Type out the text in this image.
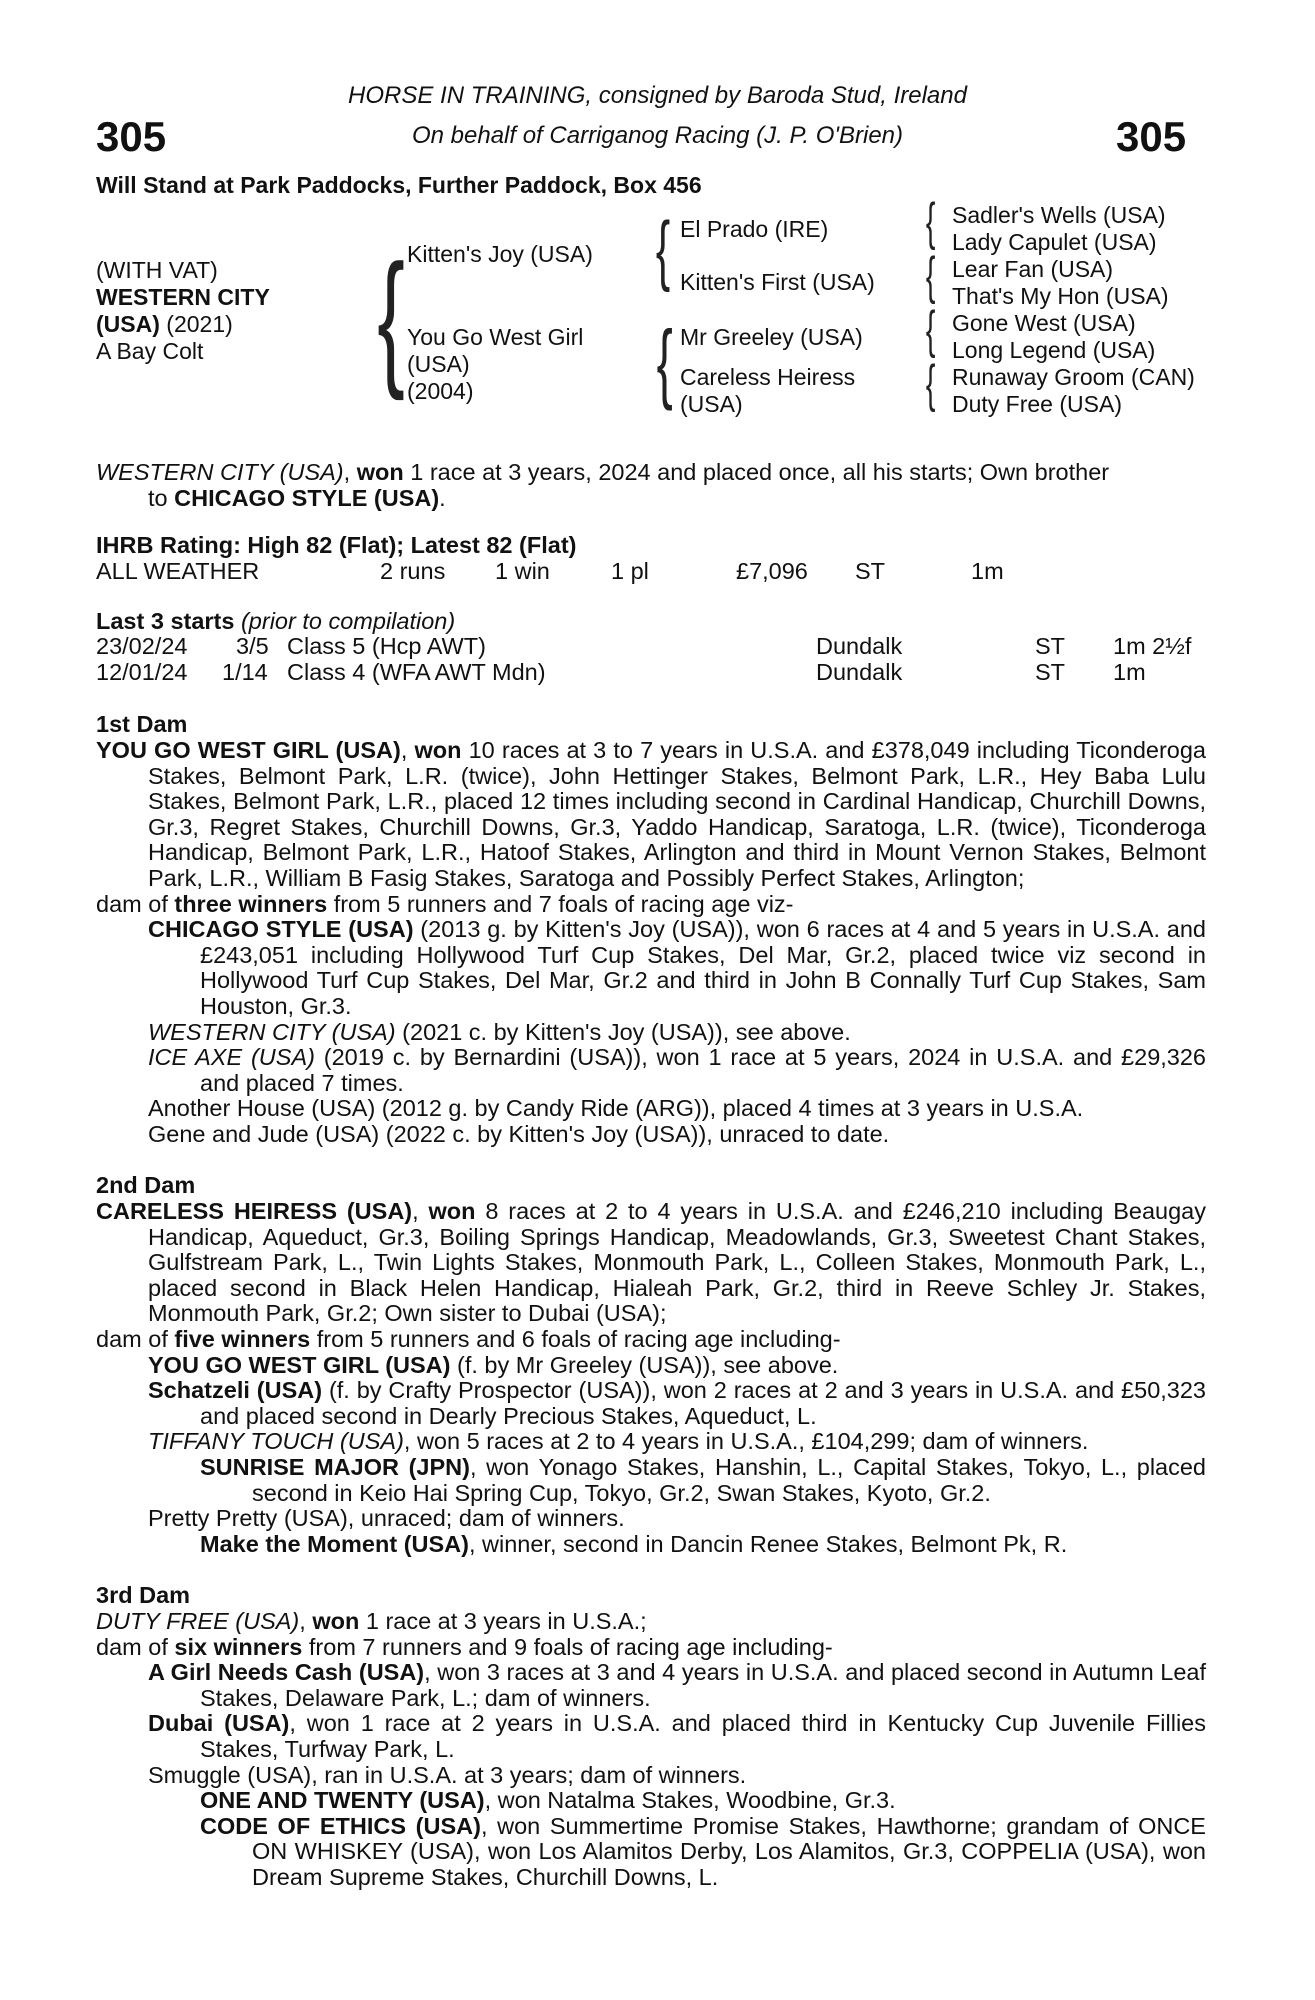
HORSE IN TRAINING, consigned by Baroda Stud, Ireland
On behalf of Carriganog Racing (J. P. O'Brien)
305	305
Will Stand at Park Paddocks, Further Paddock, Box 456
(WITH VAT)
WESTERN CITY
(USA) (2021)
A Bay Colt { Kitten's Joy (USA)
You Go West Girl
(USA)
(2004)
{ El Prado (IRE)
Kitten's First (USA)
{ Mr Greeley (USA)
Careless Heiress
(USA)
{ Sadler's Wells (USA)
Lady Capulet (USA)
{ Lear Fan (USA)
That's My Hon (USA)
{ Gone West (USA)
Long Legend (USA)
{ Runaway Groom (CAN)
Duty Free (USA)

WESTERN CITY (USA), won 1 race at 3 years, 2024 and placed once, all his starts; Own brother

to CHICAGO STYLE (USA).

IHRB Rating: High 82 (Flat); Latest 82 (Flat)

ALL WEATHER	2 runs 1 win	1 pl	£7,096 ST	1m

Last 3 starts (prior to compilation)

23/02/24 3/5 Class 5 (Hcp AWT)	Dundalk	ST 1m 2½f
12/01/24 1/14 Class 4 (WFA AWT Mdn)	Dundalk	ST 1m

1st Dam

YOU GO WEST GIRL (USA), won 10 races at 3 to 7 years in U.S.A. and £378,049 including Ticonderoga Stakes, Belmont Park, L.R. (twice), John Hettinger Stakes, Belmont Park, L.R., Hey Baba Lulu Stakes, Belmont Park, L.R., placed 12 times including second in Cardinal Handicap, Churchill Downs, Gr.3, Regret Stakes, Churchill Downs, Gr.3, Yaddo Handicap, Saratoga, L.R. (twice), Ticonderoga Handicap, Belmont Park, L.R., Hatoof Stakes, Arlington and third in Mount Vernon Stakes, Belmont Park, L.R., William B Fasig Stakes, Saratoga and Possibly Perfect Stakes, Arlington;

dam of three winners from 5 runners and 7 foals of racing age viz-

CHICAGO STYLE (USA) (2013 g. by Kitten's Joy (USA)), won 6 races at 4 and 5 years in U.S.A. and £243,051 including Hollywood Turf Cup Stakes, Del Mar, Gr.2, placed twice viz second in Hollywood Turf Cup Stakes, Del Mar, Gr.2 and third in John B Connally Turf Cup Stakes, Sam Houston, Gr.3.

WESTERN CITY (USA) (2021 c. by Kitten's Joy (USA)), see above.

ICE AXE (USA) (2019 c. by Bernardini (USA)), won 1 race at 5 years, 2024 in U.S.A. and £29,326 and placed 7 times.

Another House (USA) (2012 g. by Candy Ride (ARG)), placed 4 times at 3 years in U.S.A.

Gene and Jude (USA) (2022 c. by Kitten's Joy (USA)), unraced to date.

2nd Dam

CARELESS HEIRESS (USA), won 8 races at 2 to 4 years in U.S.A. and £246,210 including Beaugay Handicap, Aqueduct, Gr.3, Boiling Springs Handicap, Meadowlands, Gr.3, Sweetest Chant Stakes, Gulfstream Park, L., Twin Lights Stakes, Monmouth Park, L., Colleen Stakes, Monmouth Park, L., placed second in Black Helen Handicap, Hialeah Park, Gr.2, third in Reeve Schley Jr. Stakes, Monmouth Park, Gr.2; Own sister to Dubai (USA);

dam of five winners from 5 runners and 6 foals of racing age including-

YOU GO WEST GIRL (USA) (f. by Mr Greeley (USA)), see above.

Schatzeli (USA) (f. by Crafty Prospector (USA)), won 2 races at 2 and 3 years in U.S.A. and £50,323 and placed second in Dearly Precious Stakes, Aqueduct, L.

TIFFANY TOUCH (USA), won 5 races at 2 to 4 years in U.S.A., £104,299; dam of winners.

SUNRISE MAJOR (JPN), won Yonago Stakes, Hanshin, L., Capital Stakes, Tokyo, L., placed second in Keio Hai Spring Cup, Tokyo, Gr.2, Swan Stakes, Kyoto, Gr.2.

Pretty Pretty (USA), unraced; dam of winners.

Make the Moment (USA), winner, second in Dancin Renee Stakes, Belmont Pk, R.

3rd Dam

DUTY FREE (USA), won 1 race at 3 years in U.S.A.;

dam of six winners from 7 runners and 9 foals of racing age including-

A Girl Needs Cash (USA), won 3 races at 3 and 4 years in U.S.A. and placed second in Autumn Leaf Stakes, Delaware Park, L.; dam of winners.

Dubai (USA), won 1 race at 2 years in U.S.A. and placed third in Kentucky Cup Juvenile Fillies Stakes, Turfway Park, L.

Smuggle (USA), ran in U.S.A. at 3 years; dam of winners.

ONE AND TWENTY (USA), won Natalma Stakes, Woodbine, Gr.3.

CODE OF ETHICS (USA), won Summertime Promise Stakes, Hawthorne; grandam of ONCE ON WHISKEY (USA), won Los Alamitos Derby, Los Alamitos, Gr.3, COPPELIA (USA), won Dream Supreme Stakes, Churchill Downs, L.
